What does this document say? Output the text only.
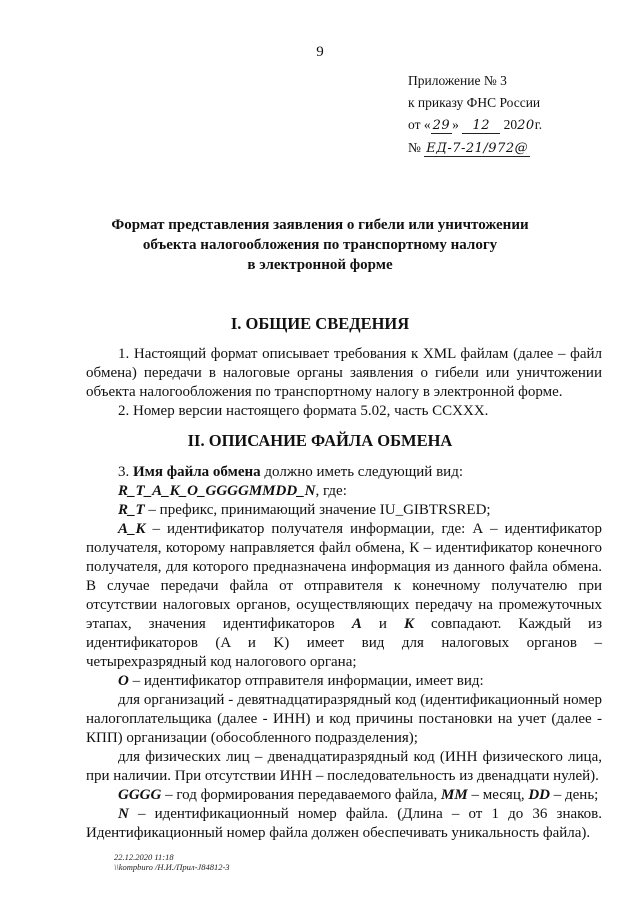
9
Приложение № 3
к приказу ФНС России
от « 29 » 12 2020г.
№ ЕД-7-21/972@
Формат представления заявления о гибели или уничтожении
объекта налогообложения по транспортному налогу
в электронной форме
I. ОБЩИЕ СВЕДЕНИЯ

1. Настоящий формат описывает требования к XML файлам (далее – файл обмена) передачи в налоговые органы заявления о гибели или уничтожении объекта налогообложения по транспортному налогу в электронной форме.

2. Номер версии настоящего формата 5.02, часть CCXXX.

II. ОПИСАНИЕ ФАЙЛА ОБМЕНА

3. Имя файла обмена должно иметь следующий вид:

R_T_A_K_O_GGGGMMDD_N, где:

R_T – префикс, принимающий значение IU_GIBTRSRED;

A_K – идентификатор получателя информации, где: А – идентификатор получателя, которому направляется файл обмена, К – идентификатор конечного получателя, для которого предназначена информация из данного файла обмена. В случае передачи файла от отправителя к конечному получателю при отсутствии налоговых органов, осуществляющих передачу на промежуточных этапах, значения идентификаторов A и K совпадают. Каждый из идентификаторов (A и K) имеет вид для налоговых органов – четырехразрядный код налогового органа;

O – идентификатор отправителя информации, имеет вид:

для организаций - девятнадцатиразрядный код (идентификационный номер налогоплательщика (далее - ИНН) и код причины постановки на учет (далее - КПП) организации (обособленного подразделения);

для физических лиц – двенадцатиразрядный код (ИНН физического лица, при наличии. При отсутствии ИНН – последовательность из двенадцати нулей).

GGGG – год формирования передаваемого файла, MM – месяц, DD – день;

N – идентификационный номер файла. (Длина – от 1 до 36 знаков. Идентификационный номер файла должен обеспечивать уникальность файла).

22.12.2020 11:18
\\kompburo /Н.И./Прил-J84812-3
